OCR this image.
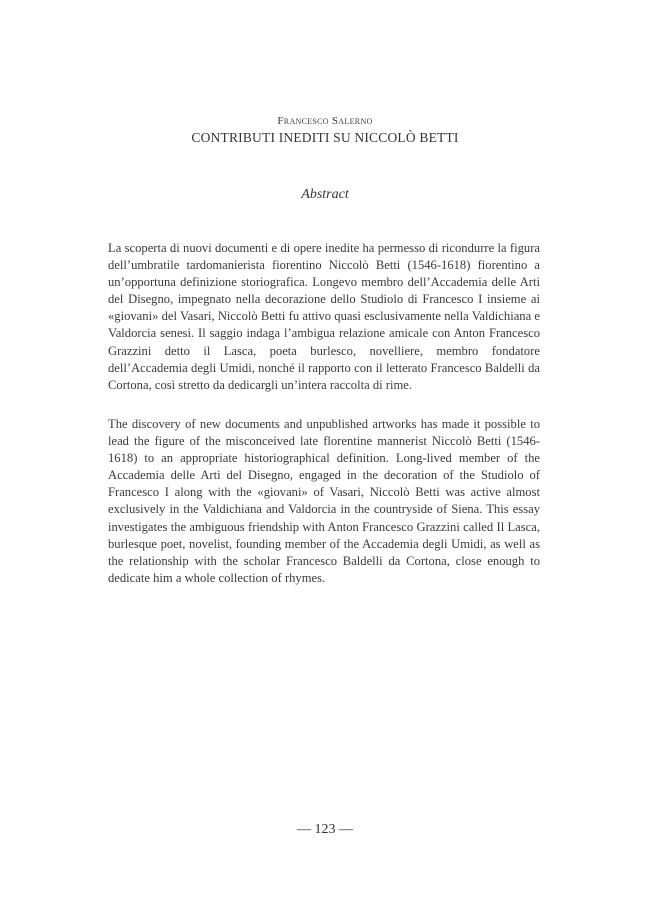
Francesco Salerno
CONTRIBUTI INEDITI SU NICCOLÒ BETTI
Abstract

La scoperta di nuovi documenti e di opere inedite ha permesso di ricondurre la figura dell’umbratile tardomanierista fiorentino Niccolò Betti (1546-1618) fiorentino a un’opportuna definizione storiografica. Longevo membro dell’Accademia delle Arti del Disegno, impegnato nella decorazione dello Studiolo di Francesco I insieme ai «giovani» del Vasari, Niccolò Betti fu attivo quasi esclusivamente nella Valdichiana e Valdorcia senesi. Il saggio indaga l’ambigua relazione amicale con Anton Francesco Grazzini detto il Lasca, poeta burlesco, novelliere, membro fondatore dell’Accademia degli Umidi, nonché il rapporto con il letterato Francesco Baldelli da Cortona, così stretto da dedicargli un’intera raccolta di rime.

The discovery of new documents and unpublished artworks has made it possible to lead the figure of the misconceived late florentine mannerist Niccolò Betti (1546-1618) to an appropriate historiographical definition. Long-lived member of the Accademia delle Arti del Disegno, engaged in the decoration of the Studiolo of Francesco I along with the «giovani» of Vasari, Niccolò Betti was active almost exclusively in the Valdichiana and Valdorcia in the countryside of Siena. This essay investigates the ambiguous friendship with Anton Francesco Grazzini called Il Lasca, burlesque poet, novelist, founding member of the Accademia degli Umidi, as well as the relationship with the scholar Francesco Baldelli da Cortona, close enough to dedicate him a whole collection of rhymes.

— 123 —
